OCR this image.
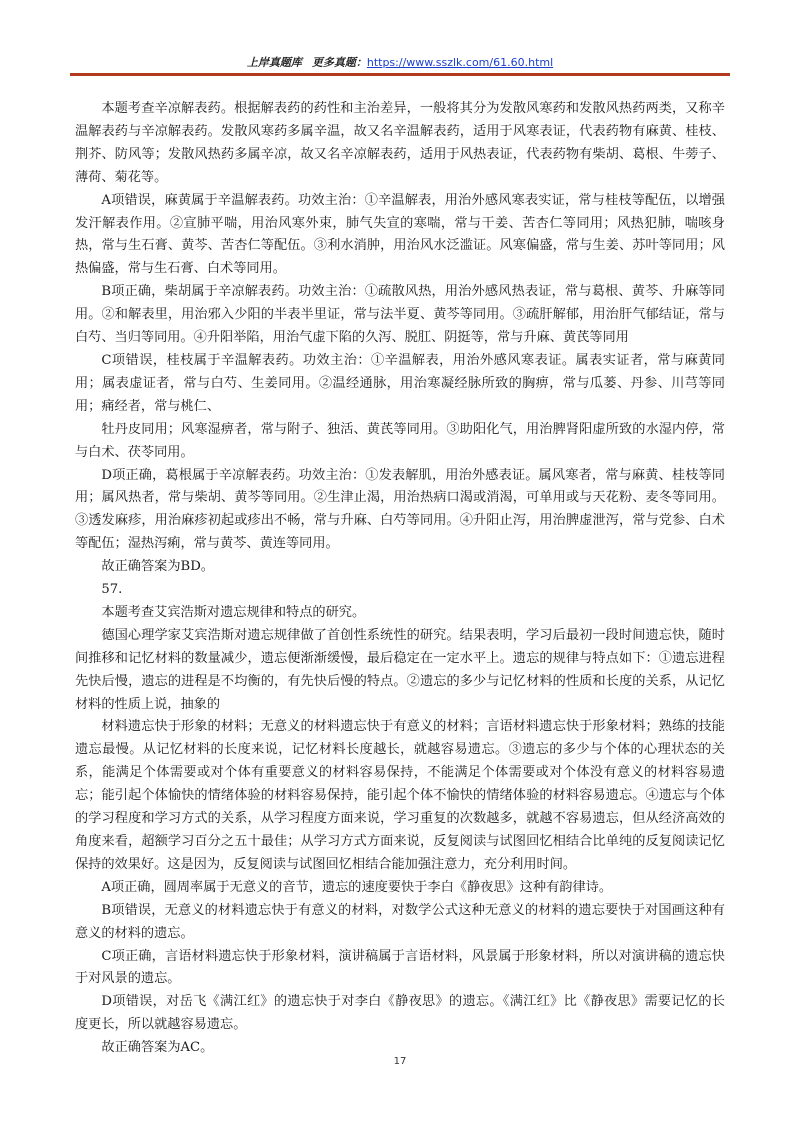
上岸真题库 更多真题：https://www.sszlk.com/61.60.html

本题考查辛凉解表药。根据解表药的药性和主治差异，一般将其分为发散风寒药和发散风热药两类，又称辛温解表药与辛凉解表药。发散风寒药多属辛温，故又名辛温解表药，适用于风寒表证，代表药物有麻黄、桂枝、荆芥、防风等；发散风热药多属辛凉，故又名辛凉解表药，适用于风热表证，代表药物有柴胡、葛根、牛蒡子、薄荷、菊花等。

A项错误，麻黄属于辛温解表药。功效主治：①辛温解表，用治外感风寒表实证，常与桂枝等配伍，以增强发汗解表作用。②宣肺平喘，用治风寒外束，肺气失宣的寒喘，常与干姜、苦杏仁等同用；风热犯肺，喘咳身热，常与生石膏、黄芩、苦杏仁等配伍。③利水消肿，用治风水泛滥证。风寒偏盛，常与生姜、苏叶等同用；风热偏盛，常与生石膏、白术等同用。

B项正确，柴胡属于辛凉解表药。功效主治：①疏散风热，用治外感风热表证，常与葛根、黄芩、升麻等同用。②和解表里，用治邪入少阳的半表半里证，常与法半夏、黄芩等同用。③疏肝解郁，用治肝气郁结证，常与白芍、当归等同用。④升阳举陷，用治气虚下陷的久泻、脱肛、阴挺等，常与升麻、黄芪等同用

C项错误，桂枝属于辛温解表药。功效主治：①辛温解表，用治外感风寒表证。属表实证者，常与麻黄同用；属表虚证者，常与白芍、生姜同用。②温经通脉，用治寒凝经脉所致的胸痹，常与瓜蒌、丹参、川芎等同用；痛经者，常与桃仁、

牡丹皮同用；风寒湿痹者，常与附子、独活、黄芪等同用。③助阳化气，用治脾肾阳虚所致的水湿内停，常与白术、茯苓同用。

D项正确，葛根属于辛凉解表药。功效主治：①发表解肌，用治外感表证。属风寒者，常与麻黄、桂枝等同用；属风热者，常与柴胡、黄芩等同用。②生津止渴，用治热病口渴或消渴，可单用或与天花粉、麦冬等同用。③透发麻疹，用治麻疹初起或疹出不畅，常与升麻、白芍等同用。④升阳止泻，用治脾虚泄泻，常与党参、白术等配伍；湿热泻痢，常与黄芩、黄连等同用。

故正确答案为BD。

57.

本题考查艾宾浩斯对遗忘规律和特点的研究。

德国心理学家艾宾浩斯对遗忘规律做了首创性系统性的研究。结果表明，学习后最初一段时间遗忘快，随时间推移和记忆材料的数量减少，遗忘便渐渐缓慢，最后稳定在一定水平上。遗忘的规律与特点如下：①遗忘进程先快后慢，遗忘的进程是不均衡的，有先快后慢的特点。②遗忘的多少与记忆材料的性质和长度的关系，从记忆材料的性质上说，抽象的

材料遗忘快于形象的材料；无意义的材料遗忘快于有意义的材料；言语材料遗忘快于形象材料；熟练的技能遗忘最慢。从记忆材料的长度来说，记忆材料长度越长，就越容易遗忘。③遗忘的多少与个体的心理状态的关系，能满足个体需要或对个体有重要意义的材料容易保持，不能满足个体需要或对个体没有意义的材料容易遗忘；能引起个体愉快的情绪体验的材料容易保持，能引起个体不愉快的情绪体验的材料容易遗忘。④遗忘与个体的学习程度和学习方式的关系，从学习程度方面来说，学习重复的次数越多，就越不容易遗忘，但从经济高效的角度来看，超额学习百分之五十最佳；从学习方式方面来说，反复阅读与试图回忆相结合比单纯的反复阅读记忆保持的效果好。这是因为，反复阅读与试图回忆相结合能加强注意力，充分利用时间。

A项正确，圆周率属于无意义的音节，遗忘的速度要快于李白《静夜思》这种有韵律诗。

B项错误，无意义的材料遗忘快于有意义的材料，对数学公式这种无意义的材料的遗忘要快于对国画这种有意义的材料的遗忘。

C项正确，言语材料遗忘快于形象材料，演讲稿属于言语材料，风景属于形象材料，所以对演讲稿的遗忘快于对风景的遗忘。

D项错误，对岳飞《满江红》的遗忘快于对李白《静夜思》的遗忘。《满江红》比《静夜思》需要记忆的长度更长，所以就越容易遗忘。

故正确答案为AC。

17
